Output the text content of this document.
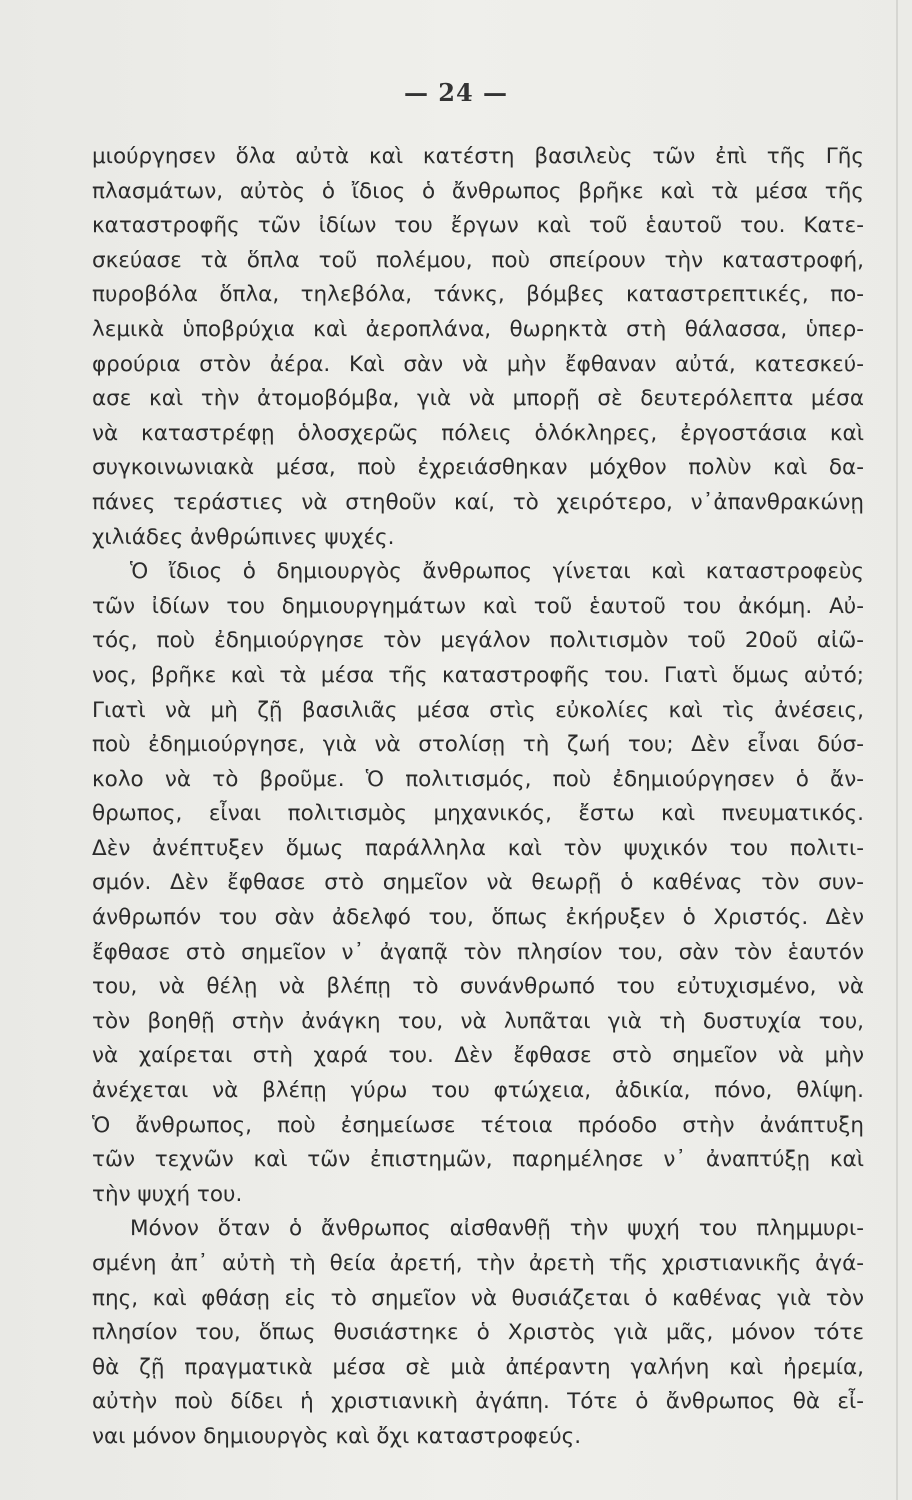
— 24 —
μιούργησεν ὅλα αὐτὰ καὶ κατέστη βασιλεὺς τῶν ἐπὶ τῆς Γῆς
πλασμάτων, αὐτὸς ὁ ἴδιος ὁ ἄνθρωπος βρῆκε καὶ τὰ μέσα τῆς
καταστροφῆς τῶν ἰδίων του ἔργων καὶ τοῦ ἑαυτοῦ του. Κατε-
σκεύασε τὰ ὅπλα τοῦ πολέμου, ποὺ σπείρουν τὴν καταστροφή,
πυροβόλα ὅπλα, τηλεβόλα, τάνκς, βόμβες καταστρεπτικές, πο-
λεμικὰ ὑποβρύχια καὶ ἀεροπλάνα, θωρηκτὰ στὴ θάλασσα, ὑπερ-
φρούρια στὸν ἀέρα. Καὶ σὰν νὰ μὴν ἔφθαναν αὐτά, κατεσκεύ-
ασε καὶ τὴν ἀτομοβόμβα, γιὰ νὰ μπορῇ σὲ δευτερόλεπτα μέσα
νὰ καταστρέφῃ ὁλοσχερῶς πόλεις ὁλόκληρες, ἐργοστάσια καὶ
συγκοινωνιακὰ μέσα, ποὺ ἐχρειάσθηκαν μόχθον πολὺν καὶ δα-
πάνες τεράστιες νὰ στηθοῦν καί, τὸ χειρότερο, ν᾽ἀπανθρακώνῃ
χιλιάδες ἀνθρώπινες ψυχές.
Ὁ ἴδιος ὁ δημιουργὸς ἄνθρωπος γίνεται καὶ καταστροφεὺς
τῶν ἰδίων του δημιουργημάτων καὶ τοῦ ἑαυτοῦ του ἀκόμη. Αὐ-
τός, ποὺ ἐδημιούργησε τὸν μεγάλον πολιτισμὸν τοῦ 20οῦ αἰῶ-
νος, βρῆκε καὶ τὰ μέσα τῆς καταστροφῆς του. Γιατὶ ὅμως αὐτό;
Γιατὶ νὰ μὴ ζῇ βασιλιᾶς μέσα στὶς εὐκολίες καὶ τὶς ἀνέσεις,
ποὺ ἐδημιούργησε, γιὰ νὰ στολίσῃ τὴ ζωή του; Δὲν εἶναι δύσ-
κολο νὰ τὸ βροῦμε. Ὁ πολιτισμός, ποὺ ἐδημιούργησεν ὁ ἄν-
θρωπος, εἶναι πολιτισμὸς μηχανικός, ἔστω καὶ πνευματικός.
Δὲν ἀνέπτυξεν ὅμως παράλληλα καὶ τὸν ψυχικόν του πολιτι-
σμόν. Δὲν ἔφθασε στὸ σημεῖον νὰ θεωρῇ ὁ καθένας τὸν συν-
άνθρωπόν του σὰν ἀδελφό του, ὅπως ἐκήρυξεν ὁ Χριστός. Δὲν
ἔφθασε στὸ σημεῖον ν᾽ ἀγαπᾷ τὸν πλησίον του, σὰν τὸν ἑαυτόν
του, νὰ θέλῃ νὰ βλέπῃ τὸ συνάνθρωπό του εὐτυχισμένο, νὰ
τὸν βοηθῇ στὴν ἀνάγκη του, νὰ λυπᾶται γιὰ τὴ δυστυχία του,
νὰ χαίρεται στὴ χαρά του. Δὲν ἔφθασε στὸ σημεῖον νὰ μὴν
ἀνέχεται νὰ βλέπῃ γύρω του φτώχεια, ἀδικία, πόνο, θλίψη.
Ὁ ἄνθρωπος, ποὺ ἐσημείωσε τέτοια πρόοδο στὴν ἀνάπτυξη
τῶν τεχνῶν καὶ τῶν ἐπιστημῶν, παρημέλησε ν᾽ ἀναπτύξῃ καὶ
τὴν ψυχή του.
Μόνον ὅταν ὁ ἄνθρωπος αἰσθανθῇ τὴν ψυχή του πλημμυρι-
σμένη ἀπ᾽ αὐτὴ τὴ θεία ἀρετή, τὴν ἀρετὴ τῆς χριστιανικῆς ἀγά-
πης, καὶ φθάσῃ εἰς τὸ σημεῖον νὰ θυσιάζεται ὁ καθένας γιὰ τὸν
πλησίον του, ὅπως θυσιάστηκε ὁ Χριστὸς γιὰ μᾶς, μόνον τότε
θὰ ζῇ πραγματικὰ μέσα σὲ μιὰ ἀπέραντη γαλήνη καὶ ἠρεμία,
αὐτὴν ποὺ δίδει ἡ χριστιανικὴ ἀγάπη. Τότε ὁ ἄνθρωπος θὰ εἶ-
ναι μόνον δημιουργὸς καὶ ὄχι καταστροφεύς.
